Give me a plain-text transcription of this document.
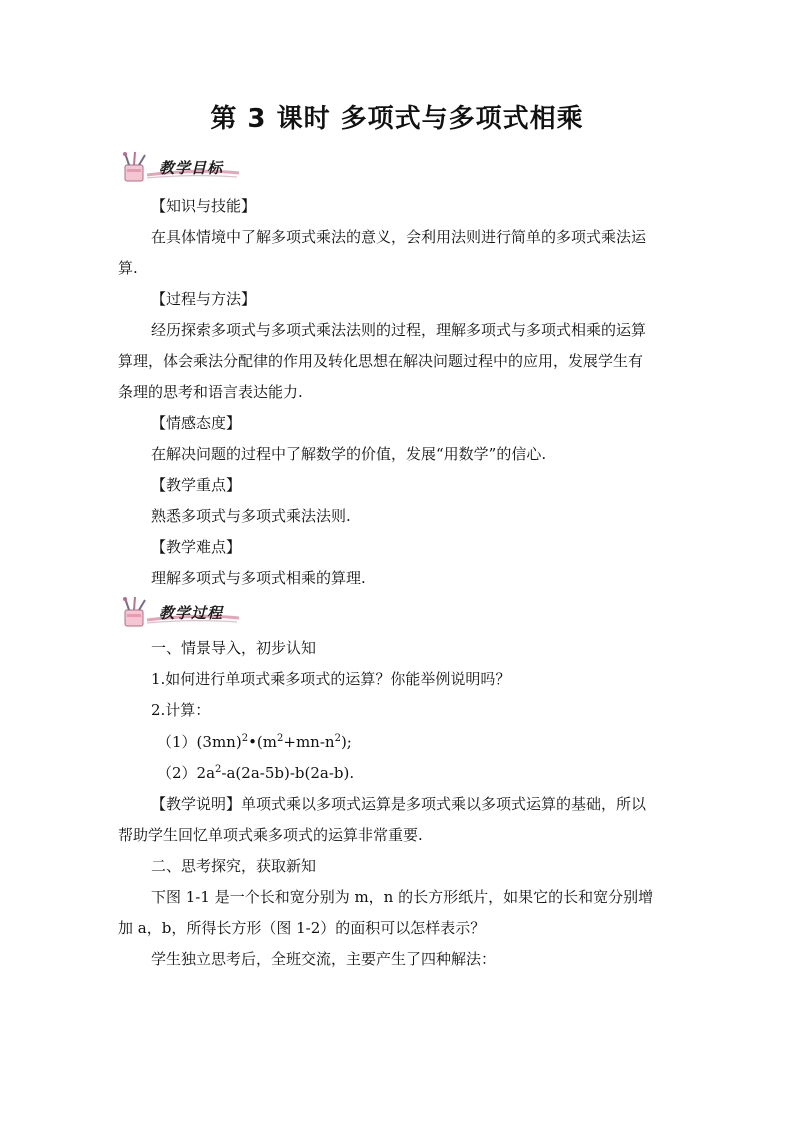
第 3 课时 多项式与多项式相乘
教学目标
【知识与技能】
在具体情境中了解多项式乘法的意义，会利用法则进行简单的多项式乘法运
算.
【过程与方法】
经历探索多项式与多项式乘法法则的过程，理解多项式与多项式相乘的运算
算理，体会乘法分配律的作用及转化思想在解决问题过程中的应用，发展学生有
条理的思考和语言表达能力.
【情感态度】
在解决问题的过程中了解数学的价值，发展“用数学”的信心.
【教学重点】
熟悉多项式与多项式乘法法则.
【教学难点】
理解多项式与多项式相乘的算理.
教学过程
一、情景导入，初步认知
1.如何进行单项式乘多项式的运算？你能举例说明吗？
2.计算：
$(1)(3mn)^2•(m^2+mn-n^2)$;
$(2)2a^2-a(2a-5b)-b(2a-b)$.
【教学说明】单项式乘以多项式运算是多项式乘以多项式运算的基础，所以
帮助学生回忆单项式乘多项式的运算非常重要.
二、思考探究，获取新知
下图 1-1 是一个长和宽分别为 m，n 的长方形纸片，如果它的长和宽分别增
加 a，b，所得长方形（图 1-2）的面积可以怎样表示？
学生独立思考后，全班交流，主要产生了四种解法：
